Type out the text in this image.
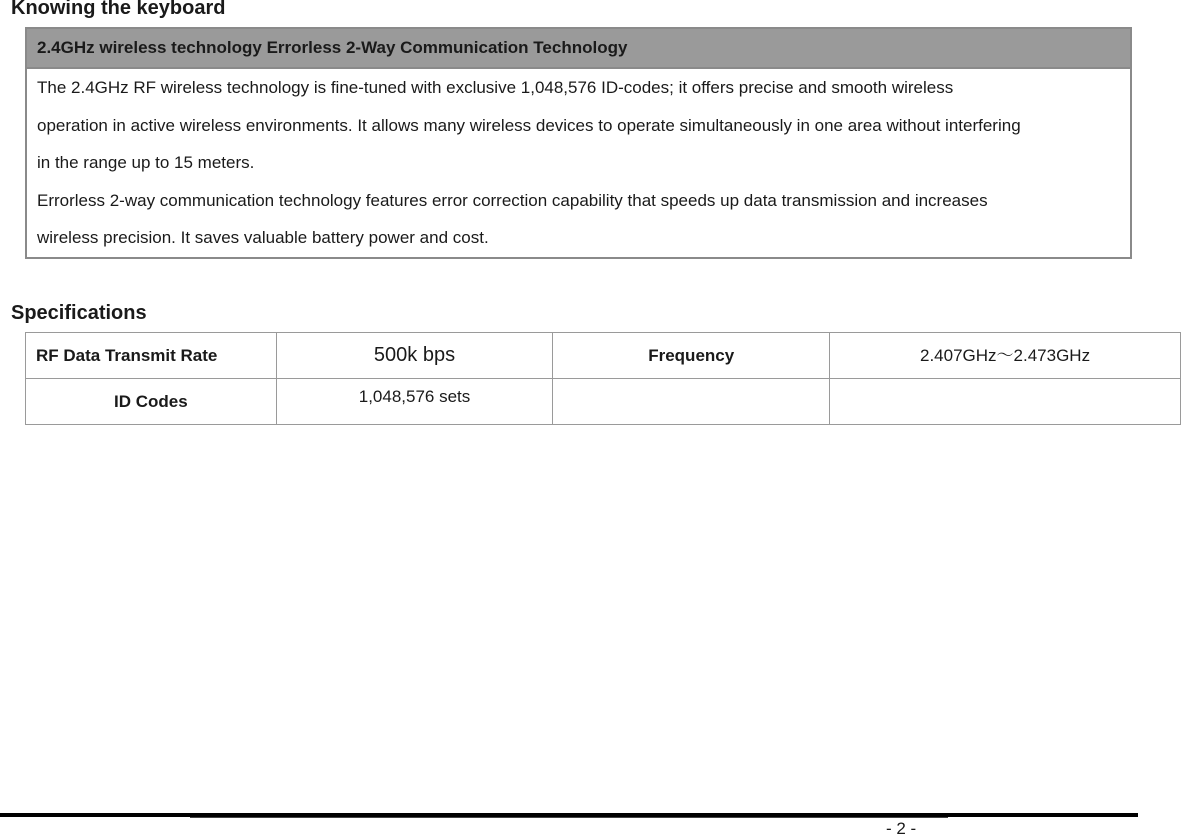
Knowing the keyboard
2.4GHz wireless technology Errorless 2-Way Communication Technology

The 2.4GHz RF wireless technology is fine-tuned with exclusive 1,048,576 ID-codes; it offers precise and smooth wireless

operation in active wireless environments. It allows many wireless devices to operate simultaneously in one area without interfering

in the range up to 15 meters.

Errorless 2-way communication technology features error correction capability that speeds up data transmission and increases

wireless precision. It saves valuable battery power and cost.

Specifications
RF Data Transmit Rate	500k bps	Frequency	2.407GHz～2.473GHz
ID Codes	1,048,576 sets		
- 2 -
